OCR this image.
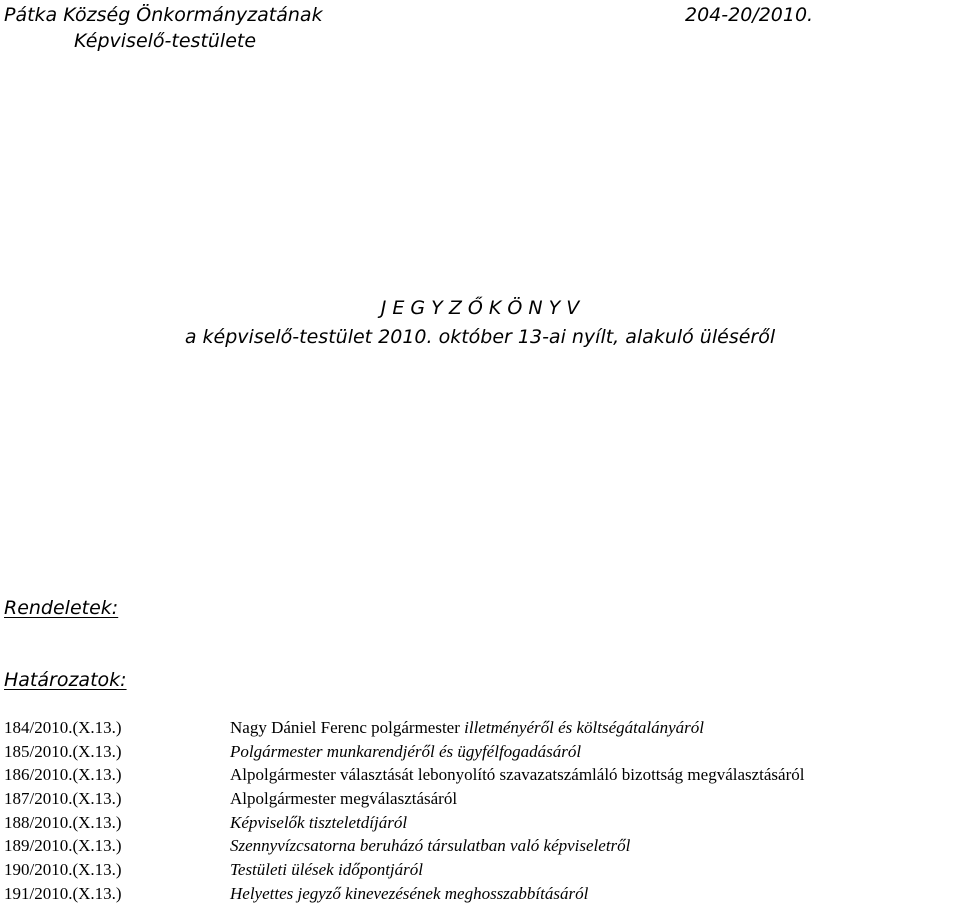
Pátka Község Önkormányzatának	204-20/2010.
Képviselő-testülete
J E G Y Z Ő K Ö N Y V
a képviselő-testület 2010. október 13-ai nyílt, alakuló üléséről
Rendeletek:
Határozatok:
184/2010.(X.13.)	Nagy Dániel Ferenc polgármester illetményéről és költségátalányáról
185/2010.(X.13.)	Polgármester munkarendjéről és ügyfélfogadásáról
186/2010.(X.13.)	Alpolgármester választását lebonyolító szavazatszámláló bizottság megválasztásáról
187/2010.(X.13.)	Alpolgármester megválasztásáról
188/2010.(X.13.)	Képviselők tiszteletdíjáról
189/2010.(X.13.)	Szennyvízcsatorna beruházó társulatban való képviseletről
190/2010.(X.13.)	Testületi ülések időpontjáról
191/2010.(X.13.)	Helyettes jegyző kinevezésének meghosszabbításáról
